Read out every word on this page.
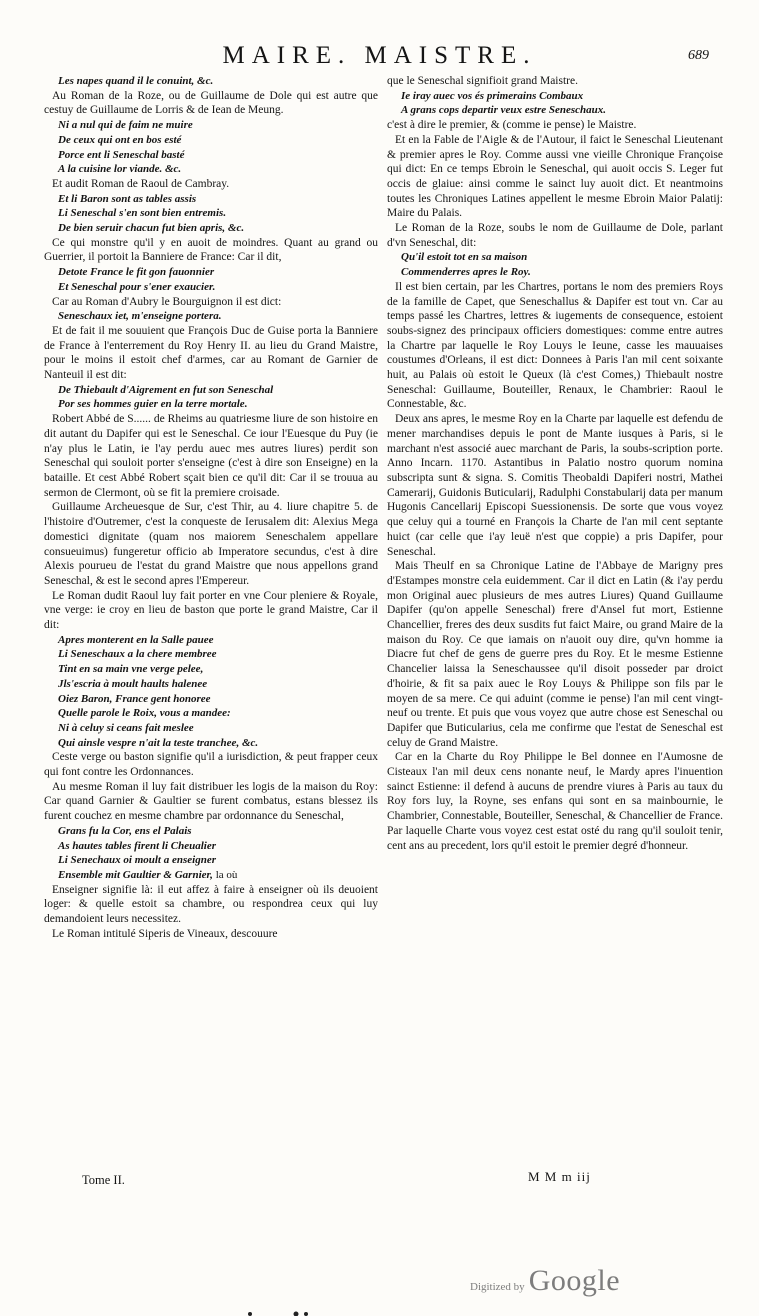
MAIRE. MAISTRE.	689

Les napes quand il le conuint, &c.

Au Roman de la Roze, ou de Guillaume de Dole qui est autre que cestuy de Guillaume de Lorris & de Iean de Meung.

Ni a nul qui de faim ne muire

De ceux qui ont en bos esté

Porce ent li Seneschal basté

A la cuisine lor viande. &c.

Et audit Roman de Raoul de Cambray.

Et li Baron sont as tables assis

Li Seneschal s'en sont bien entremis.

De bien seruir chacun fut bien apris, &c.

Ce qui monstre qu'il y en auoit de moindres. Quant au grand ou Guerrier, il portoit la Banniere de France: Car il dit,

Detote France le fit gon fauonnier

Et Seneschal pour s'ener exaucier.

Car au Roman d'Aubry le Bourguignon il est dict:

Seneschaux iet, m'enseigne portera.

Et de fait il me souuient que François Duc de Guise porta la Banniere de France à l'enterrement du Roy Henry II. au lieu du Grand Maistre, pour le moins il estoit chef d'armes, car au Romant de Garnier de Nanteuil il est dit:

De Thiebault d'Aigrement en fut son Seneschal

Por ses hommes guier en la terre mortale.

Robert Abbé de S...... de Rheims au quatriesme liure de son histoire en dit autant du Dapifer qui est le Seneschal. Ce iour l'Euesque du Puy (ie n'ay plus le Latin, ie l'ay perdu auec mes autres liures) perdit son Seneschal qui souloit porter s'enseigne (c'est à dire son Enseigne) en la bataille. Et cest Abbé Robert sçait bien ce qu'il dit: Car il se trouua au sermon de Clermont, où se fit la premiere croisade.

Guillaume Archeuesque de Sur, c'est Thir, au 4. liure chapitre 5. de l'histoire d'Outremer, c'est la conqueste de Ierusalem dit: Alexius Mega domestici dignitate (quam nos maiorem Seneschalem appellare consueuimus) fungeretur officio ab Imperatore secundus, c'est à dire Alexis pourueu de l'estat du grand Maistre que nous appellons grand Seneschal, & est le second apres l'Empereur.

Le Roman dudit Raoul luy fait porter en vne Cour pleniere & Royale, vne verge: ie croy en lieu de baston que porte le grand Maistre, Car il dit:

Apres monterent en la Salle pauee

Li Seneschaux a la chere membree

Tint en sa main vne verge pelee,

Jls'escria à moult haults halenee

Oiez Baron, France gent honoree

Quelle parole le Roix, vous a mandee:

Ni à celuy si ceans fait meslee

Qui ainsle vespre n'ait la teste tranchee, &c.

Ceste verge ou baston signifie qu'il a iurisdiction, & peut frapper ceux qui font contre les Ordonnances.

Au mesme Roman il luy fait distribuer les logis de la maison du Roy: Car quand Garnier & Gaultier se furent combatus, estans blessez ils furent couchez en mesme chambre par ordonnance du Seneschal,

Grans fu la Cor, ens el Palais

As hautes tables firent li Cheualier

Li Senechaux oi moult a enseigner

Ensemble mit Gaultier & Garnier, la où

Enseigner signifie là: il eut affez à faire à enseigner où ils deuoient loger: & quelle estoit sa chambre, ou respondrea ceux qui luy demandoient leurs necessitez.

Le Roman intitulé Siperis de Vineaux, descouure

que le Seneschal signifioit grand Maistre.

Ie iray auec vos és primerains Combaux

A grans cops departir veux estre Seneschaux.

c'est à dire le premier, & (comme ie pense) le Maistre.

Et en la Fable de l'Aigle & de l'Autour, il faict le Seneschal Lieutenant & premier apres le Roy. Comme aussi vne vieille Chronique Françoise qui dict: En ce temps Ebroin le Seneschal, qui auoit occis S. Leger fut occis de glaiue: ainsi comme le sainct luy auoit dict. Et neantmoins toutes les Chroniques Latines appellent le mesme Ebroin Maior Palatij: Maire du Palais.

Le Roman de la Roze, soubs le nom de Guillaume de Dole, parlant d'vn Seneschal, dit:

Qu'il estoit tot en sa maison

Commenderres apres le Roy.

Il est bien certain, par les Chartres, portans le nom des premiers Roys de la famille de Capet, que Seneschallus & Dapifer est tout vn. Car au temps passé les Chartres, lettres & iugements de consequence, estoient soubs-signez des principaux officiers domestiques: comme entre autres la Chartre par laquelle le Roy Louys le Ieune, casse les mauuaises coustumes d'Orleans, il est dict: Donnees à Paris l'an mil cent soixante huit, au Palais où estoit le Queux (là c'est Comes,) Thiebault nostre Seneschal: Guillaume, Bouteiller, Renaux, le Chambrier: Raoul le Connestable, &c.

Deux ans apres, le mesme Roy en la Charte par laquelle est defendu de mener marchandises depuis le pont de Mante iusques à Paris, si le marchant n'est associé auec marchant de Paris, la soubs-scription porte. Anno Incarn. 1170. Astantibus in Palatio nostro quorum nomina subscripta sunt & signa. S. Comitis Theobaldi Dapiferi nostri, Mathei Camerarij, Guidonis Buticularij, Radulphi Constabularij data per manum Hugonis Cancellarij Episcopi Suessionensis. De sorte que vous voyez que celuy qui a tourné en François la Charte de l'an mil cent septante huict (car celle que i'ay leuë n'est que coppie) a pris Dapifer, pour Seneschal.

Mais Theulf en sa Chronique Latine de l'Abbaye de Marigny pres d'Estampes monstre cela euidemment. Car il dict en Latin (& i'ay perdu mon Original auec plusieurs de mes autres Liures) Quand Guillaume Dapifer (qu'on appelle Seneschal) frere d'Ansel fut mort, Estienne Chancellier, freres des deux susdits fut faict Maire, ou grand Maire de la maison du Roy. Ce que iamais on n'auoit ouy dire, qu'vn homme ia Diacre fut chef de gens de guerre pres du Roy. Et le mesme Estienne Chancelier laissa la Seneschaussee qu'il disoit posseder par droict d'hoirie, & fit sa paix auec le Roy Louys & Philippe son fils par le moyen de sa mere. Ce qui aduint (comme ie pense) l'an mil cent vingt-neuf ou trente. Et puis que vous voyez que autre chose est Seneschal ou Dapifer que Buticularius, cela me confirme que l'estat de Seneschal est celuy de Grand Maistre.

Car en la Charte du Roy Philippe le Bel donnee en l'Aumosne de Cisteaux l'an mil deux cens nonante neuf, le Mardy apres l'inuention sainct Estienne: il defend à aucuns de prendre viures à Paris au taux du Roy fors luy, la Royne, ses enfans qui sont en sa mainbournie, le Chambrier, Connestable, Bouteiller, Seneschal, & Chancellier de France. Par laquelle Charte vous voyez cest estat osté du rang qu'il souloit tenir, cent ans au precedent, lors qu'il estoit le premier degré d'honneur.

Tome II.	M M m iij
Digitized by Google
